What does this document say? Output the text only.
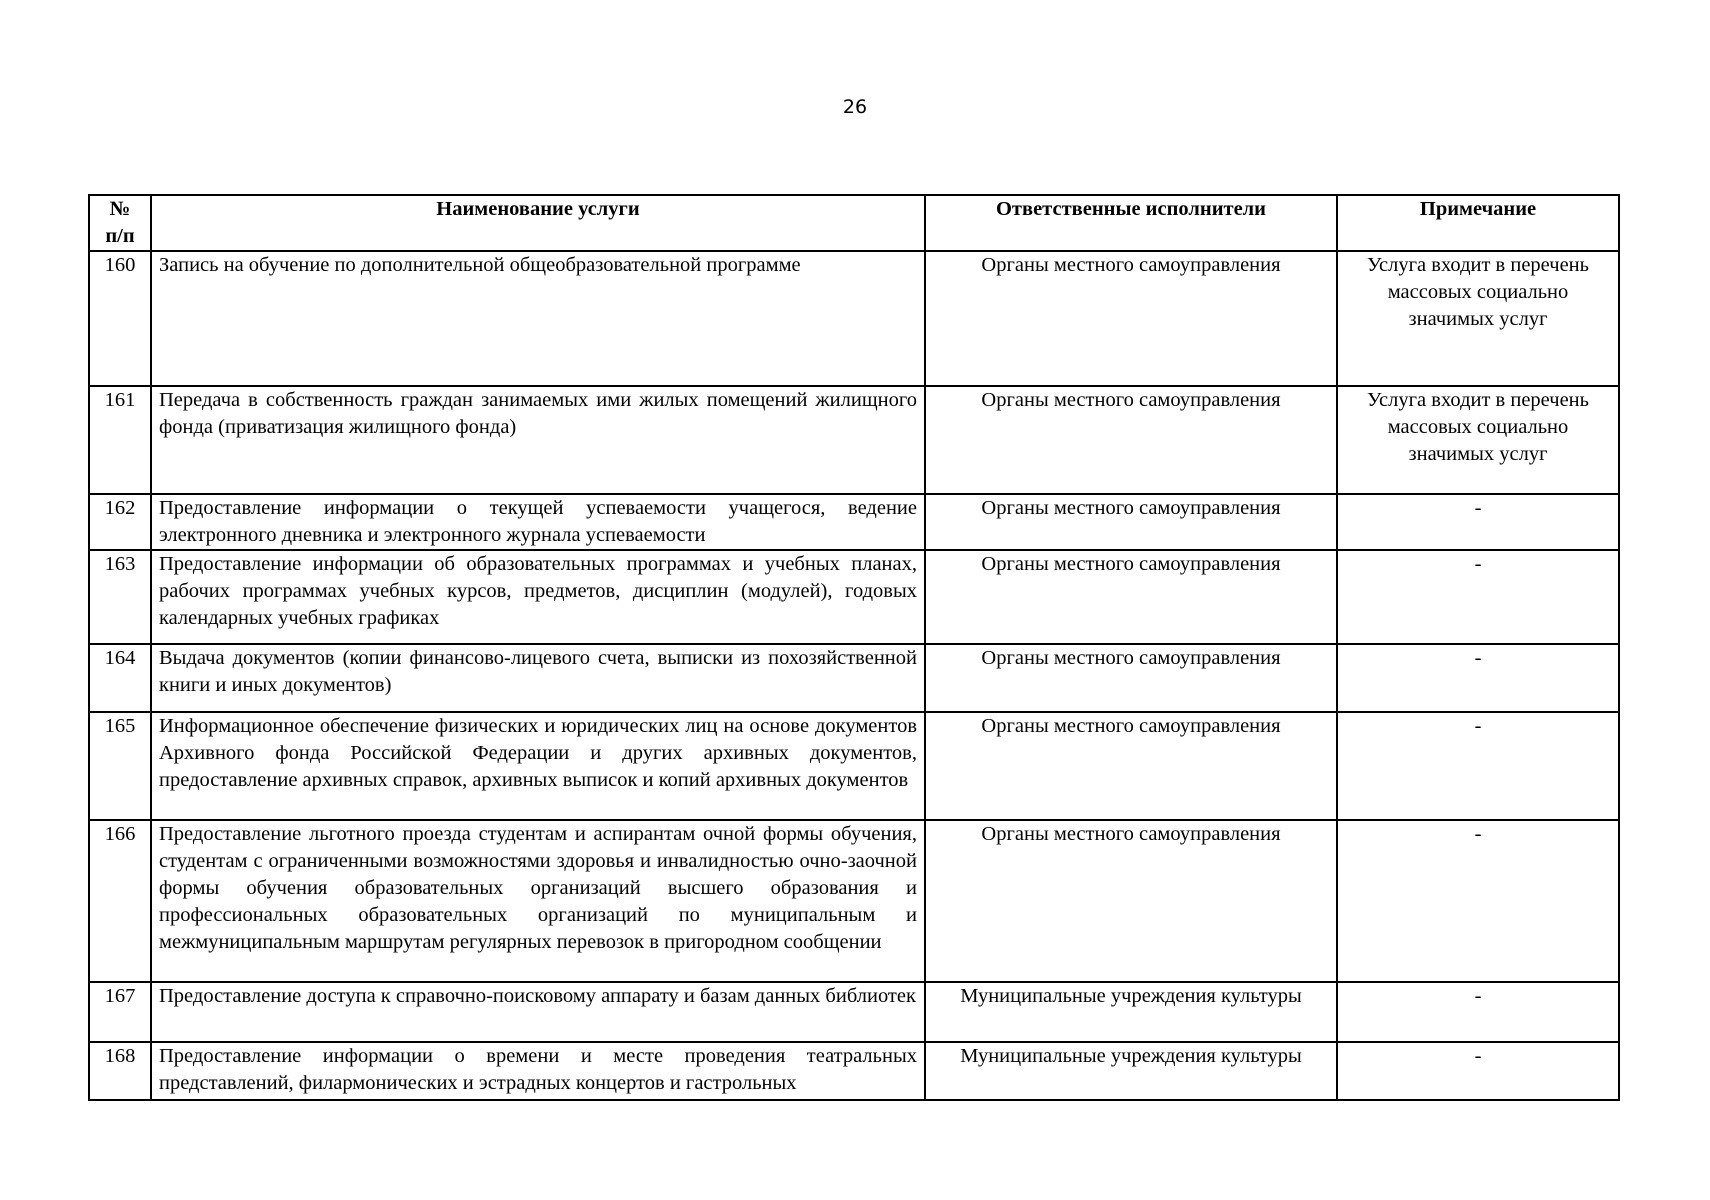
26
№
п/п	Наименование услуги	Ответственные исполнители	Примечание
160	Запись на обучение по дополнительной общеобразовательной программе	Органы местного самоуправления	Услуга входит в перечень массовых социально значимых услуг
161	Передача в собственность граждан занимаемых ими жилых помещений жилищного фонда (приватизация жилищного фонда)	Органы местного самоуправления	Услуга входит в перечень массовых социально значимых услуг
162	Предоставление информации о текущей успеваемости учащегося, ведение электронного дневника и электронного журнала успеваемости	Органы местного самоуправления	-
163	Предоставление информации об образовательных программах и учебных планах, рабочих программах учебных курсов, предметов, дисциплин (модулей), годовых календарных учебных графиках	Органы местного самоуправления	-
164	Выдача документов (копии финансово-лицевого счета, выписки из похозяйственной книги и иных документов)	Органы местного самоуправления	-
165	Информационное обеспечение физических и юридических лиц на основе документов Архивного фонда Российской Федерации и других архивных документов, предоставление архивных справок, архивных выписок и копий архивных документов	Органы местного самоуправления	-
166	Предоставление льготного проезда студентам и аспирантам очной формы обучения, студентам с ограниченными возможностями здоровья и инвалидностью очно-заочной формы обучения образовательных организаций высшего образования и профессиональных образовательных организаций по муниципальным и межмуниципальным маршрутам регулярных перевозок в пригородном сообщении	Органы местного самоуправления	-
167	Предоставление доступа к справочно-поисковому аппарату и базам данных библиотек	Муниципальные учреждения культуры	-
168	Предоставление информации о времени и месте проведения театральных представлений, филармонических и эстрадных концертов и гастрольных	Муниципальные учреждения культуры	-
